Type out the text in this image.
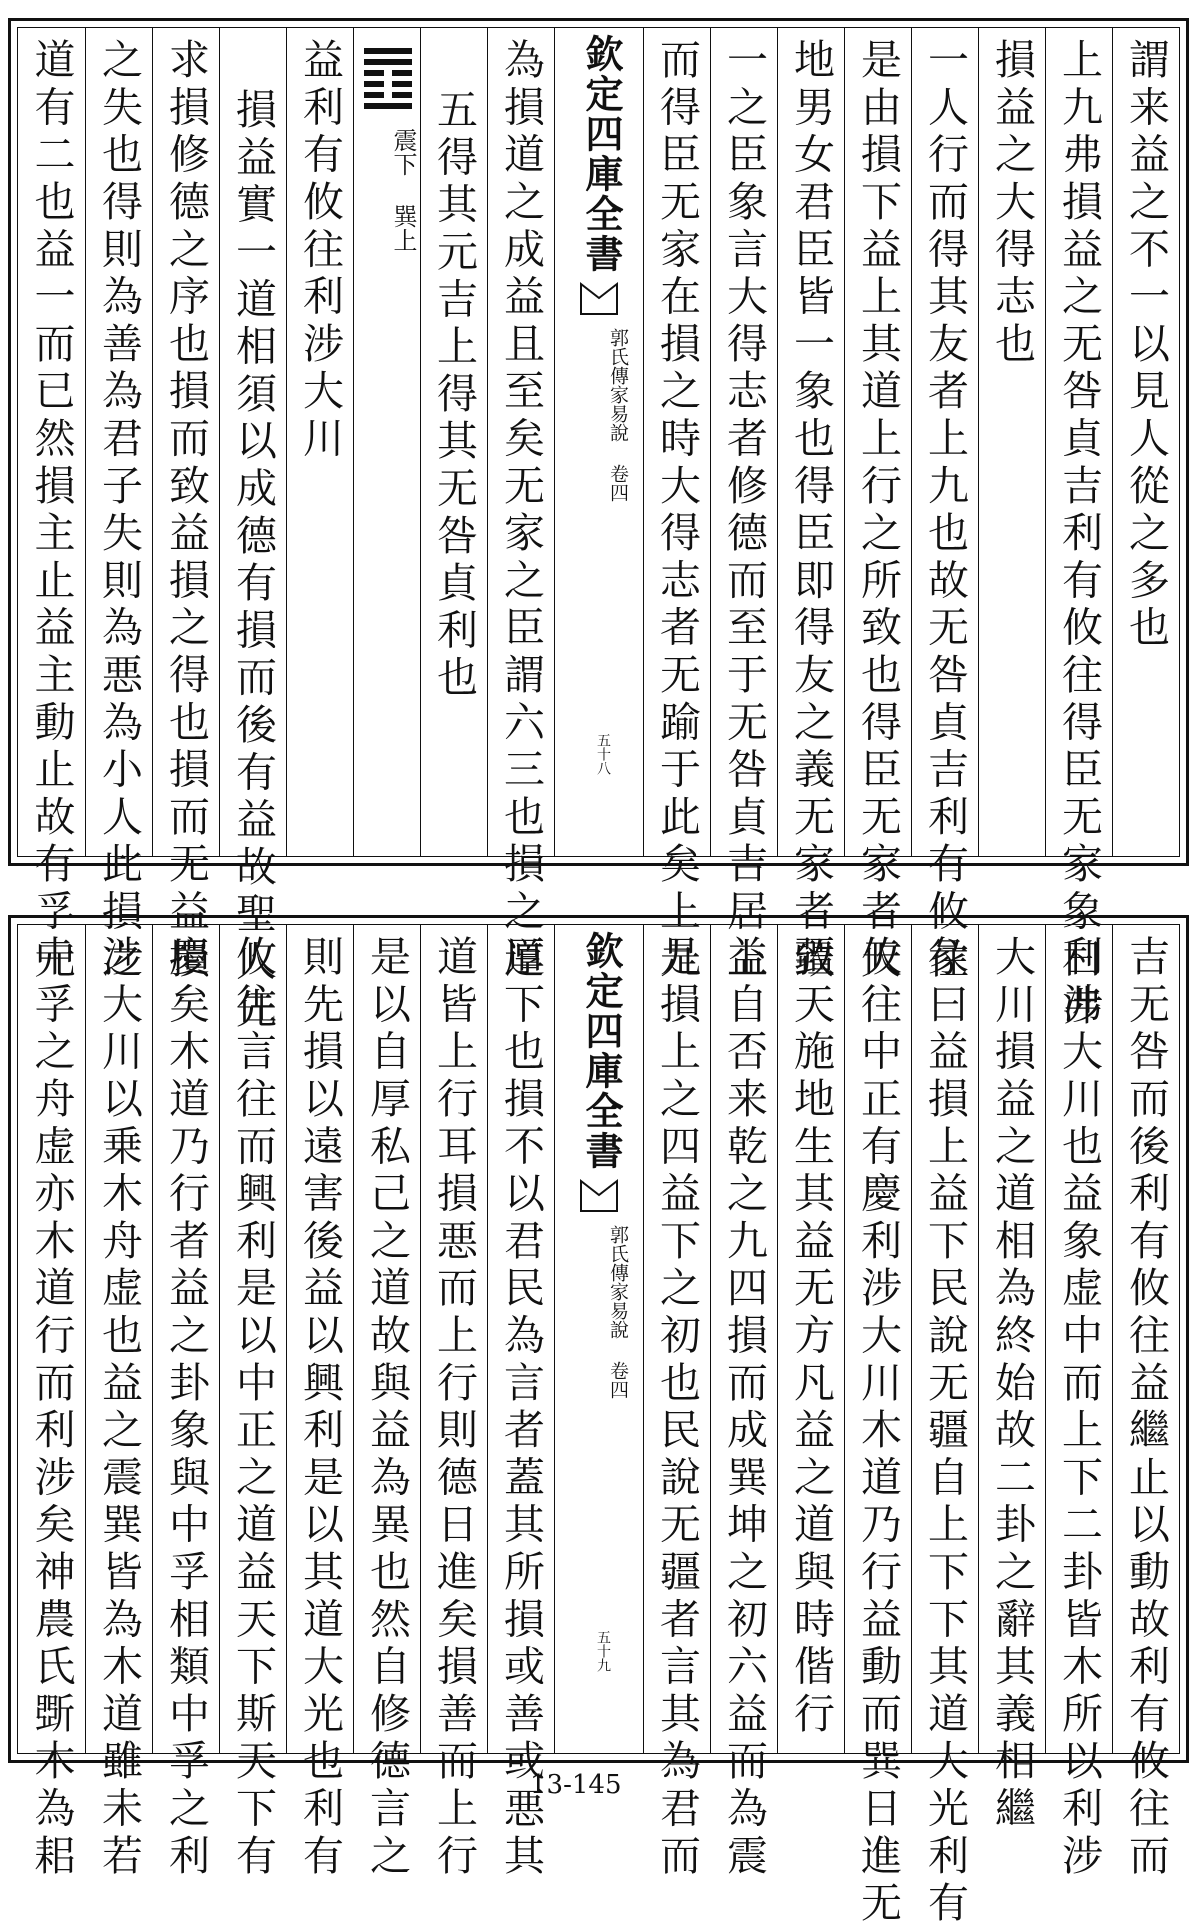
謂来益之不一以見人從之多也
上九弗損益之无咎貞吉利有攸往得臣无家象曰弗
損益之大得志也
一人行而得其友者上九也故无咎貞吉利有攸往
是由損下益上其道上行之所致也得臣无家者天
地男女君臣皆一象也得臣即得友之義无家者致
一之臣象言大得志者修德而至于无咎貞吉居上
而得臣无家在損之時大得志者无踰于此矣上九
欽定四庫全書
郭氏傳家易說 卷四
五十八
為損道之成益且至矣无家之臣謂六三也損之道
五得其元吉上得其无咎貞利也
震下 巽上
益利有攸往利涉大川
損益實一道相須以成德有損而後有益故聖人先
求損修德之序也損而致益損之得也損而无益損
之失也得則為善為君子失則為悪為小人此損之
道有二也益一而已然損主止益主動止故有孚元
吉无咎而後利有攸往益繼止以動故利有攸往而
利涉大川也益象虚中而上下二卦皆木所以利涉
大川損益之道相為終始故二卦之辭其義相繼
彖曰益損上益下民說无疆自上下下其道大光利有
攸往中正有慶利涉大川木道乃行益動而巽日進无
疆天施地生其益无方凡益之道與時偕行
益自否来乾之九四損而成巽坤之初六益而為震
是損上之四益下之初也民說无疆者言其為君而
欽定四庫全書
郭氏傳家易說 卷四
五十九
厚下也損不以君民為言者蓋其所損或善或悪其
道皆上行耳損悪而上行則德日進矣損善而上行
是以自厚私己之道故與益為異也然自修德言之
則先損以遠害後益以興利是以其道大光也利有
攸往言往而興利是以中正之道益天下斯天下有
慶矣木道乃行者益之卦象與中孚相類中孚之利
涉大川以乗木舟虚也益之震巽皆為木道雖未若
中孚之舟虚亦木道行而利涉矣神農氏斲木為耜	13-145
